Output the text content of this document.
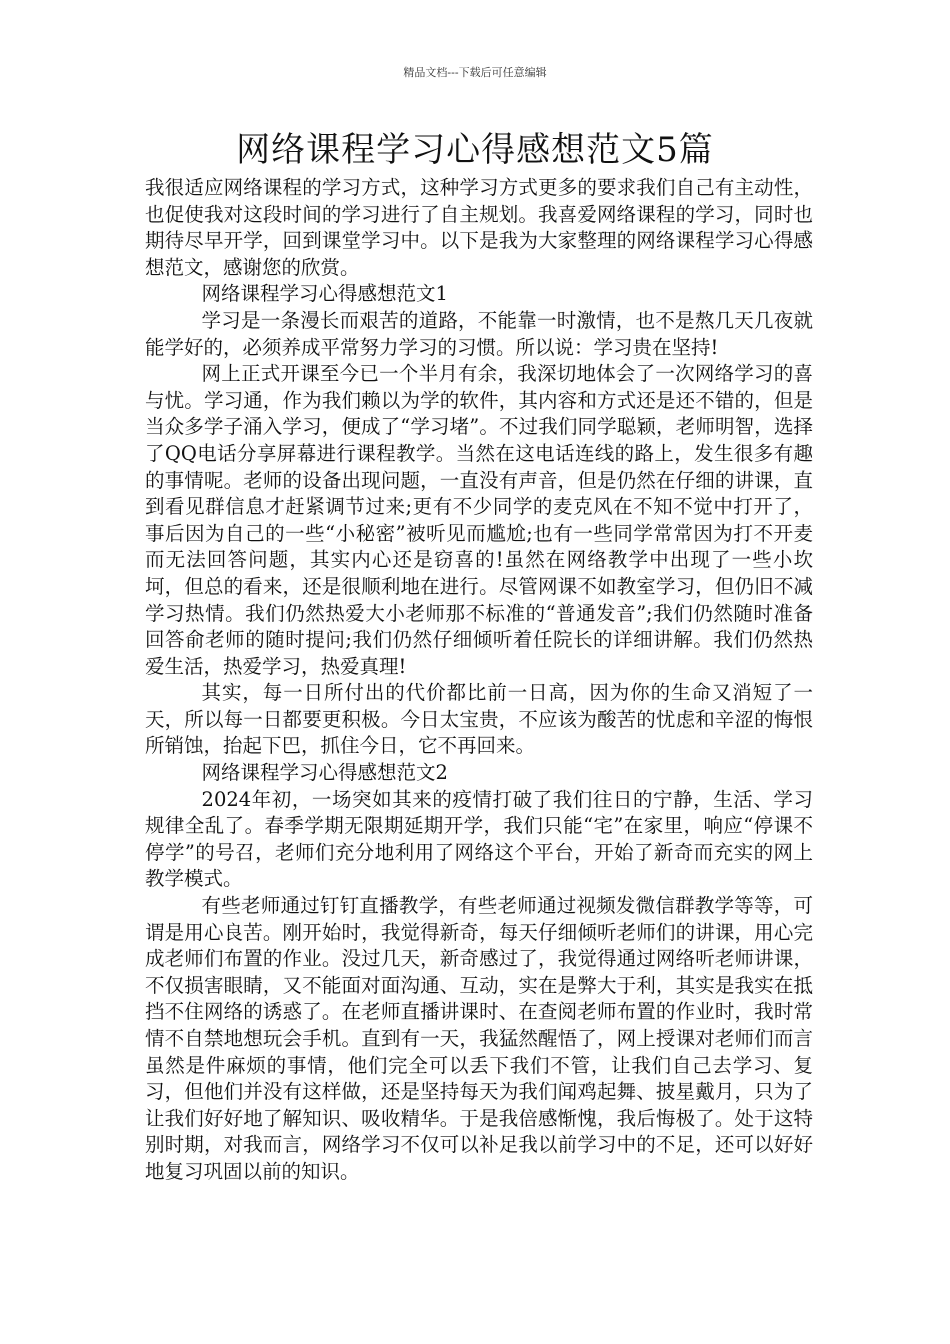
精品文档---下载后可任意编辑
网络课程学习心得感想范文5篇

我很适应网络课程的学习方式，这种学习方式更多的要求我们自己有主动性，也促使我对这段时间的学习进行了自主规划。我喜爱网络课程的学习，同时也期待尽早开学，回到课堂学习中。以下是我为大家整理的网络课程学习心得感想范文，感谢您的欣赏。

网络课程学习心得感想范文1

学习是一条漫长而艰苦的道路，不能靠一时激情，也不是熬几天几夜就能学好的，必须养成平常努力学习的习惯。所以说：学习贵在坚持!

网上正式开课至今已一个半月有余，我深切地体会了一次网络学习的喜与忧。学习通，作为我们赖以为学的软件，其内容和方式还是还不错的，但是当众多学子涌入学习，便成了“学习堵”。不过我们同学聪颖，老师明智，选择了QQ电话分享屏幕进行课程教学。当然在这电话连线的路上，发生很多有趣的事情呢。老师的设备出现问题，一直没有声音，但是仍然在仔细的讲课，直到看见群信息才赶紧调节过来;更有不少同学的麦克风在不知不觉中打开了，事后因为自己的一些“小秘密”被听见而尴尬;也有一些同学常常因为打不开麦而无法回答问题，其实内心还是窃喜的!虽然在网络教学中出现了一些小坎坷，但总的看来，还是很顺利地在进行。尽管网课不如教室学习，但仍旧不减学习热情。我们仍然热爱大小老师那不标准的“普通发音”;我们仍然随时准备回答俞老师的随时提问;我们仍然仔细倾听着任院长的详细讲解。我们仍然热爱生活，热爱学习，热爱真理!

其实，每一日所付出的代价都比前一日高，因为你的生命又消短了一天，所以每一日都要更积极。今日太宝贵，不应该为酸苦的忧虑和辛涩的悔恨所销蚀，抬起下巴，抓住今日，它不再回来。

网络课程学习心得感想范文2

2024年初，一场突如其来的疫情打破了我们往日的宁静，生活、学习规律全乱了。春季学期无限期延期开学，我们只能“宅”在家里，响应“停课不停学”的号召，老师们充分地利用了网络这个平台，开始了新奇而充实的网上教学模式。

有些老师通过钉钉直播教学，有些老师通过视频发微信群教学等等，可谓是用心良苦。刚开始时，我觉得新奇，每天仔细倾听老师们的讲课，用心完成老师们布置的作业。没过几天，新奇感过了，我觉得通过网络听老师讲课，不仅损害眼睛，又不能面对面沟通、互动，实在是弊大于利，其实是我实在抵挡不住网络的诱惑了。在老师直播讲课时、在查阅老师布置的作业时，我时常情不自禁地想玩会手机。直到有一天，我猛然醒悟了，网上授课对老师们而言虽然是件麻烦的事情，他们完全可以丢下我们不管，让我们自己去学习、复习，但他们并没有这样做，还是坚持每天为我们闻鸡起舞、披星戴月，只为了让我们好好地了解知识、吸收精华。于是我倍感惭愧，我后悔极了。处于这特别时期，对我而言，网络学习不仅可以补足我以前学习中的不足，还可以好好地复习巩固以前的知识。
